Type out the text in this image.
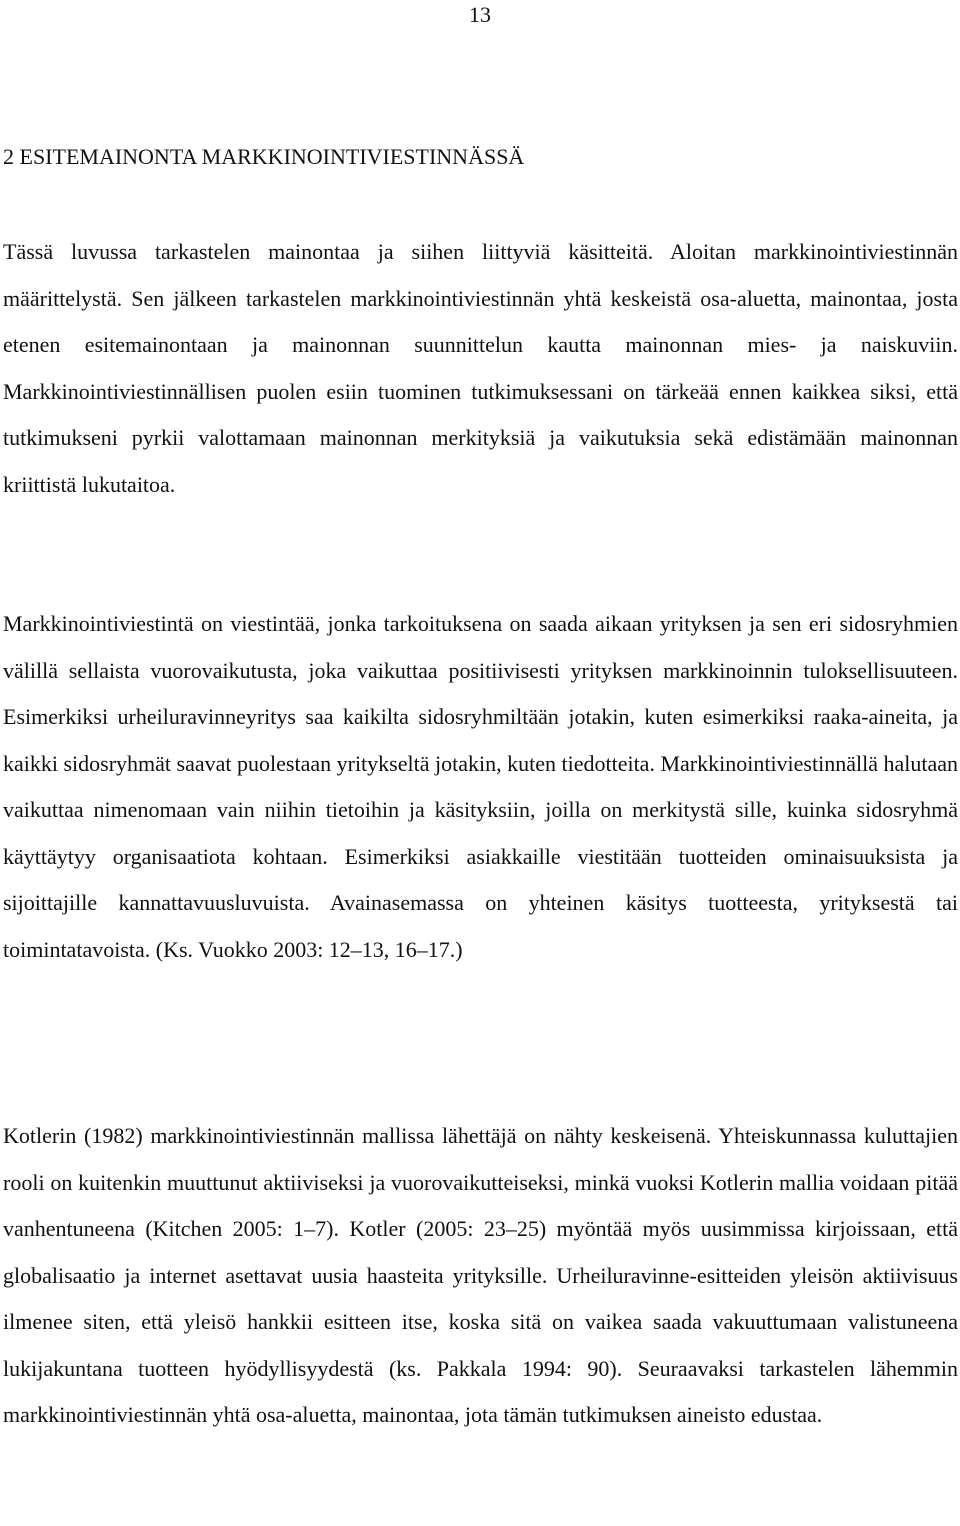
13
2 ESITEMAINONTA MARKKINOINTIVIESTINNÄSSÄ

Tässä luvussa tarkastelen mainontaa ja siihen liittyviä käsitteitä. Aloitan markkinointiviestinnän määrittelystä. Sen jälkeen tarkastelen markkinointiviestinnän yhtä keskeistä osa-aluetta, mainontaa, josta etenen esitemainontaan ja mainonnan suunnittelun kautta mainonnan mies- ja naiskuviin. Markkinointiviestinnällisen puolen esiin tuominen tutkimuksessani on tärkeää ennen kaikkea siksi, että tutkimukseni pyrkii valottamaan mainonnan merkityksiä ja vaikutuksia sekä edistämään mainonnan kriittistä lukutaitoa.

Markkinointiviestintä on viestintää, jonka tarkoituksena on saada aikaan yrityksen ja sen eri sidosryhmien välillä sellaista vuorovaikutusta, joka vaikuttaa positiivisesti yrityksen markkinoinnin tuloksellisuuteen. Esimerkiksi urheiluravinneyritys saa kaikilta sidosryhmiltään jotakin, kuten esimerkiksi raaka-aineita, ja kaikki sidosryhmät saavat puolestaan yritykseltä jotakin, kuten tiedotteita. Markkinointiviestinnällä halutaan vaikuttaa nimenomaan vain niihin tietoihin ja käsityksiin, joilla on merkitystä sille, kuinka sidosryhmä käyttäytyy organisaatiota kohtaan. Esimerkiksi asiakkaille viestitään tuotteiden ominaisuuksista ja sijoittajille kannattavuusluvuista. Avainasemassa on yhteinen käsitys tuotteesta, yrityksestä tai toimintatavoista. (Ks. Vuokko 2003: 12–13, 16–17.)

Kotlerin (1982) markkinointiviestinnän mallissa lähettäjä on nähty keskeisenä. Yhteiskunnassa kuluttajien rooli on kuitenkin muuttunut aktiiviseksi ja vuorovaikutteiseksi, minkä vuoksi Kotlerin mallia voidaan pitää vanhentuneena (Kitchen 2005: 1–7). Kotler (2005: 23–25) myöntää myös uusimmissa kirjoissaan, että globalisaatio ja internet asettavat uusia haasteita yrityksille. Urheiluravinne-esitteiden yleisön aktiivisuus ilmenee siten, että yleisö hankkii esitteen itse, koska sitä on vaikea saada vakuuttumaan valistuneena lukijakuntana tuotteen hyödyllisyydestä (ks. Pakkala 1994: 90). Seuraavaksi tarkastelen lähemmin markkinointiviestinnän yhtä osa-aluetta, mainontaa, jota tämän tutkimuksen aineisto edustaa.
